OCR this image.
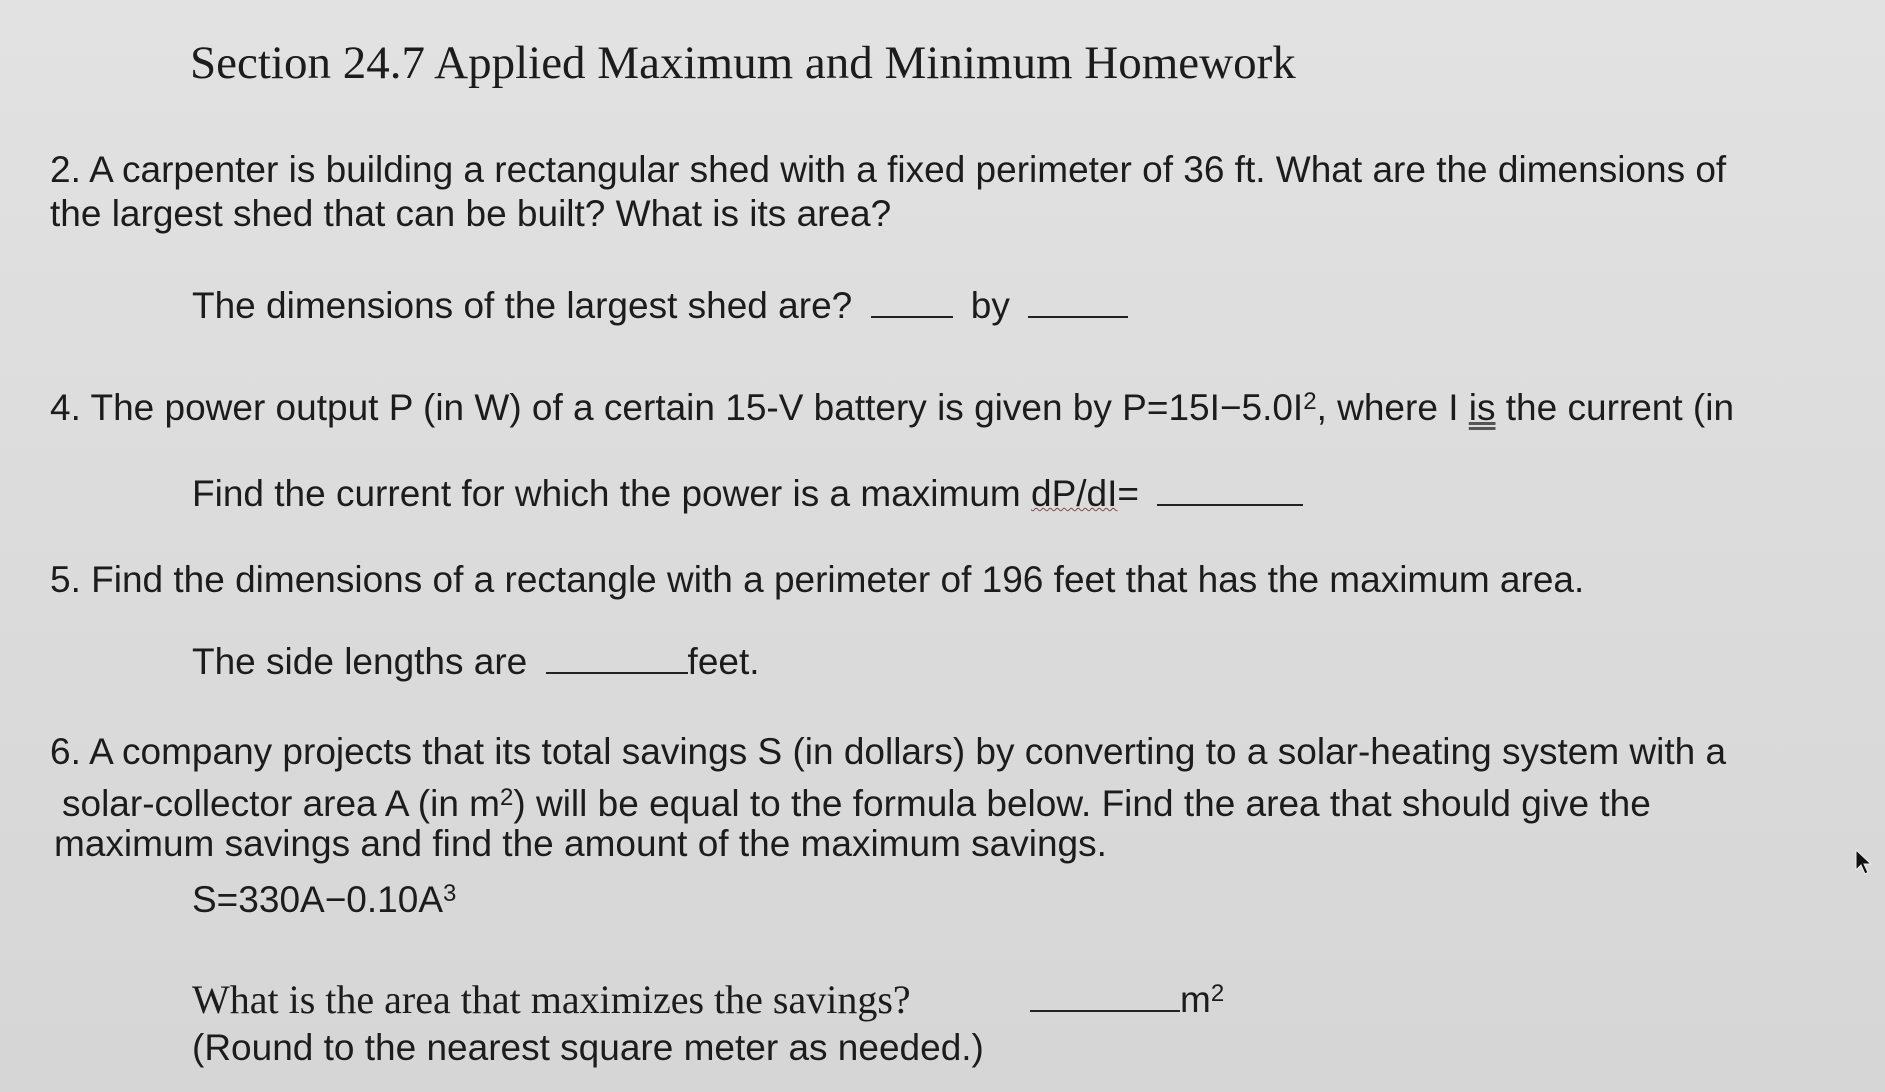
Section 24.7 Applied Maximum and Minimum Homework
2. A carpenter is building a rectangular shed with a fixed perimeter of 36 ft. What are the dimensions of
the largest shed that can be built? What is its area?
The dimensions of the largest shed are?	by
4. The power output P (in W) of a certain 15-V battery is given by $P=15I-5.0I^2$, where I is the current (in
Find the current for which the power is a maximum dP/dI=
5. Find the dimensions of a rectangle with a perimeter of 196 feet that has the maximum area.
The side lengths are	feet.
6. A company projects that its total savings S (in dollars) by converting to a solar-heating system with a
solar-collector area A (in $m^2$) will be equal to the formula below. Find the area that should give the
maximum savings and find the amount of the maximum savings.
$S=330A-0.10A^3$
What is the area that maximizes the savings?	$m^2$
(Round to the nearest square meter as needed.)
